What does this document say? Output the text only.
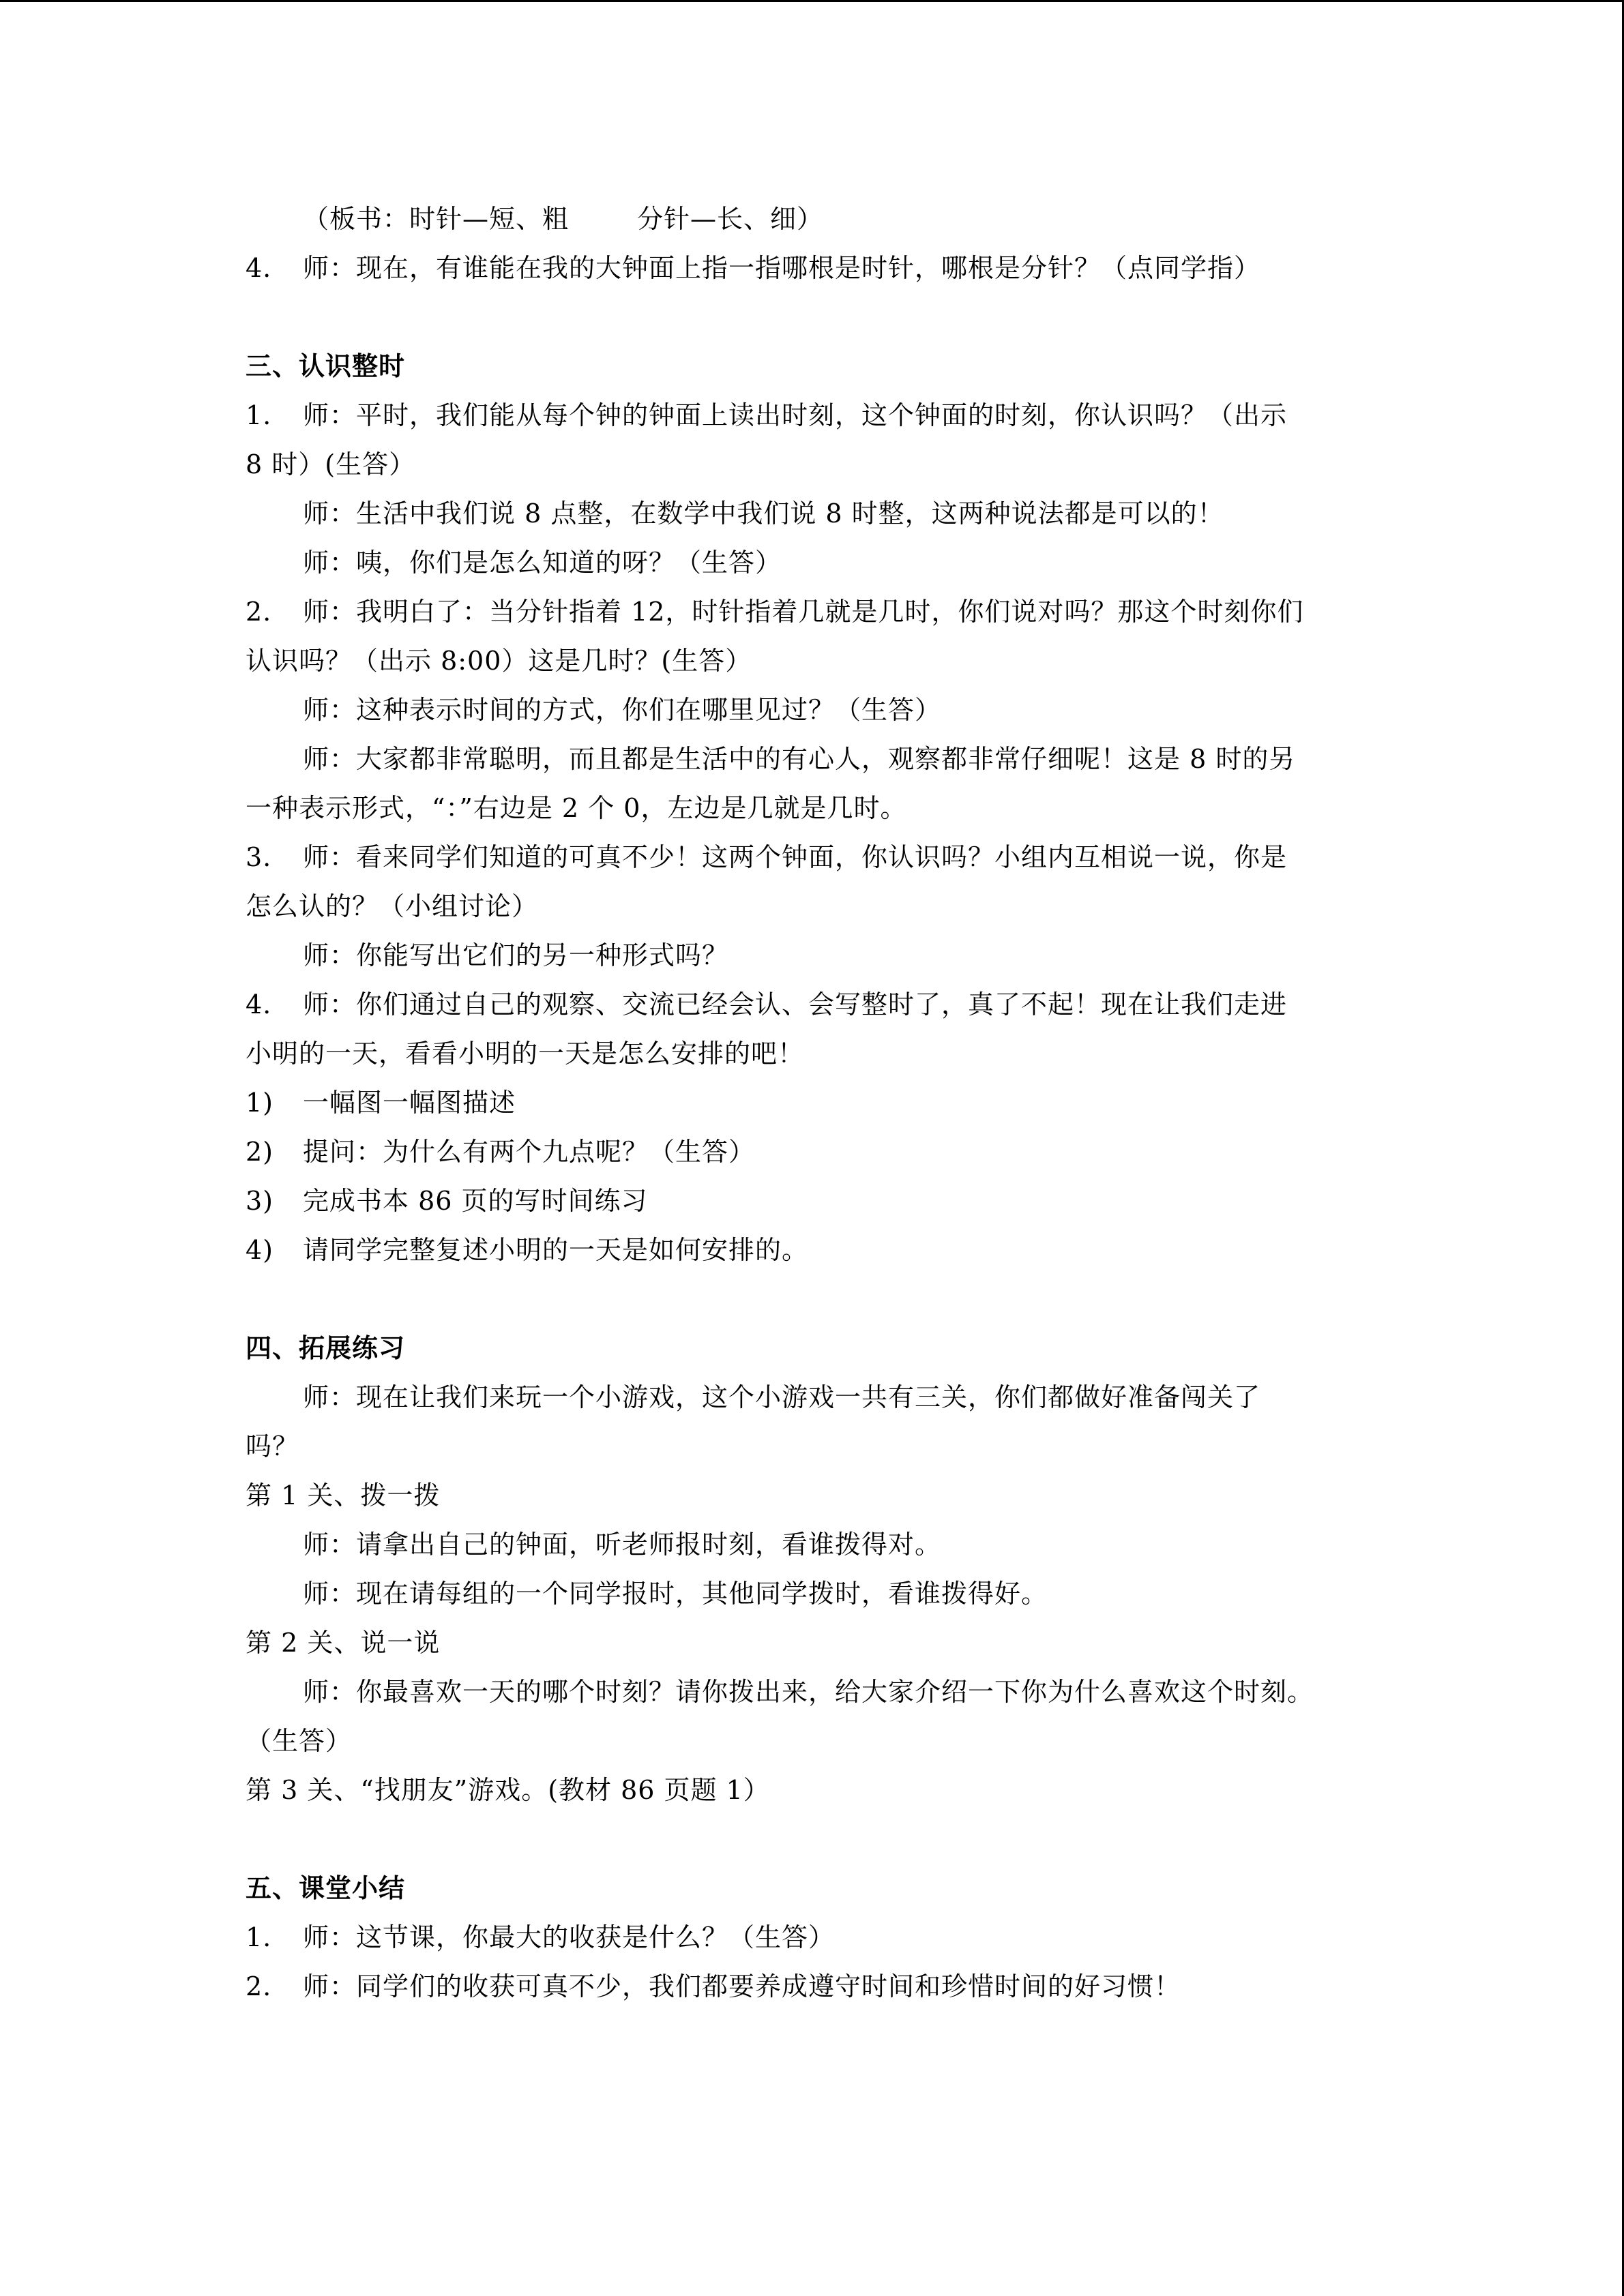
（板书：时针—短、粗	分针—长、细）
4. 师：现在，有谁能在我的大钟面上指一指哪根是时针，哪根是分针？（点同学指）
三、认识整时
1. 师：平时，我们能从每个钟的钟面上读出时刻，这个钟面的时刻，你认识吗？（出示
8 时）(生答）
师：生活中我们说 8 点整，在数学中我们说 8 时整，这两种说法都是可以的！
师：咦，你们是怎么知道的呀？（生答）
2. 师：我明白了：当分针指着 12，时针指着几就是几时，你们说对吗？那这个时刻你们
认识吗？（出示 8:00）这是几时？(生答）
师：这种表示时间的方式，你们在哪里见过？（生答）
师：大家都非常聪明，而且都是生活中的有心人，观察都非常仔细呢！这是 8 时的另
一种表示形式，“：”右边是 2 个 0，左边是几就是几时。
3. 师：看来同学们知道的可真不少！这两个钟面，你认识吗？小组内互相说一说，你是
怎么认的？（小组讨论）
师：你能写出它们的另一种形式吗？
4. 师：你们通过自己的观察、交流已经会认、会写整时了，真了不起！现在让我们走进
小明的一天，看看小明的一天是怎么安排的吧！
1) 一幅图一幅图描述
2) 提问：为什么有两个九点呢？（生答）
3) 完成书本 86 页的写时间练习
4) 请同学完整复述小明的一天是如何安排的。
四、拓展练习
师：现在让我们来玩一个小游戏，这个小游戏一共有三关，你们都做好准备闯关了
吗？
第 1 关、拨一拨
师：请拿出自己的钟面，听老师报时刻，看谁拨得对。
师：现在请每组的一个同学报时，其他同学拨时，看谁拨得好。
第 2 关、说一说
师：你最喜欢一天的哪个时刻？请你拨出来，给大家介绍一下你为什么喜欢这个时刻。
（生答）
第 3 关、“找朋友”游戏。(教材 86 页题 1）
五、课堂小结
1. 师：这节课，你最大的收获是什么？（生答）
2. 师：同学们的收获可真不少，我们都要养成遵守时间和珍惜时间的好习惯！
